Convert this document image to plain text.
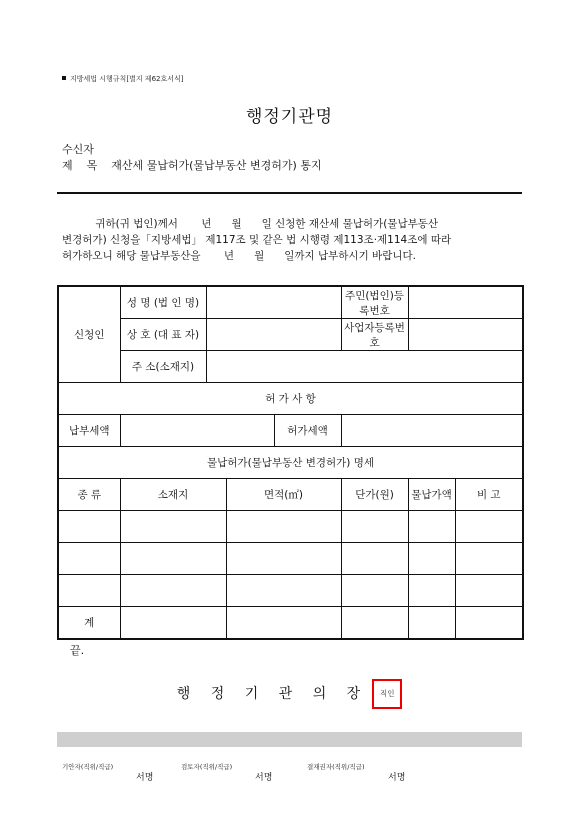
지방세법 시행규칙[별지 제62호서식]
행정기관명
수신자
제    목 재산세 물납허가(물납부동산 변경허가) 통지

귀하(귀 법인)께서       년      월      일 신청한 재산세 물납허가(물납부동산

변경허가) 신청을「지방세법」 제117조 및 같은 법 시행령 제113조·제114조에 따라

허가하오니 해당 물납부동산을       년      월      일까지 납부하시기 바랍니다.

신청인	성 명 (법 인 명)				주민(법인)등록번호		
	상 호 (대 표 자)				사업자등록번호		
	주 소(소재지)						
허 가 사 항							
납부세액				허가세액			
물납허가(물납부동산 변경허가) 명세							
종 류	소재지		면적(㎡)		단가(원)	물납가액	비 고

계							
끝.
행 정 기 관 의 장 직인
기안자(직위/직급)
서명
검토자(직위/직급)
서명
결재권자(직위/직급)
서명
